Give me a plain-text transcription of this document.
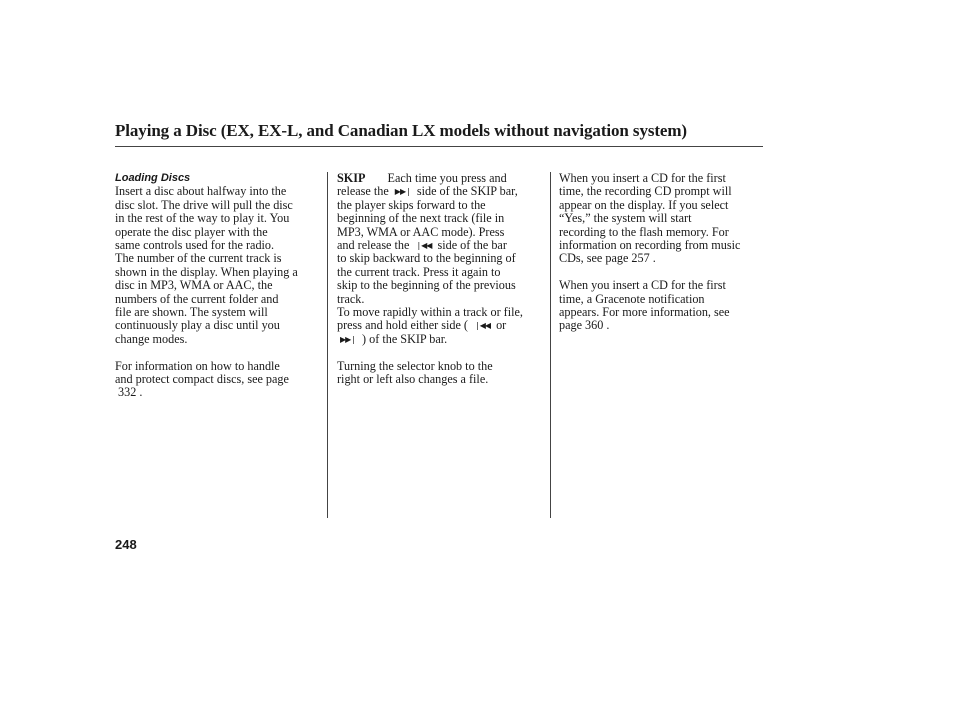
Playing a Disc (EX, EX-L, and Canadian LX models without navigation system)
Loading Discs
Insert a disc about halfway into the
disc slot. The drive will pull the disc
in the rest of the way to play it. You
operate the disc player with the
same controls used for the radio.
The number of the current track is
shown in the display. When playing a
disc in MP3, WMA or AAC, the
numbers of the current folder and
file are shown. The system will
continuously play a disc until you
change modes.
For information on how to handle
and protect compact discs, see page
332 .
SKIP Each time you press and
release the ▶▶❘ side of the SKIP bar,
the player skips forward to the
beginning of the next track (file in
MP3, WMA or AAC mode). Press
and release the ❘◀◀ side of the bar
to skip backward to the beginning of
the current track. Press it again to
skip to the beginning of the previous
track.
To move rapidly within a track or file,
press and hold either side ( ❘◀◀ or
▶▶❘ ) of the SKIP bar.
Turning the selector knob to the
right or left also changes a file.
When you insert a CD for the first
time, the recording CD prompt will
appear on the display. If you select
“Yes,” the system will start
recording to the flash memory. For
information on recording from music
CDs, see page 257 .
When you insert a CD for the first
time, a Gracenote notification
appears. For more information, see
page 360 .
248
